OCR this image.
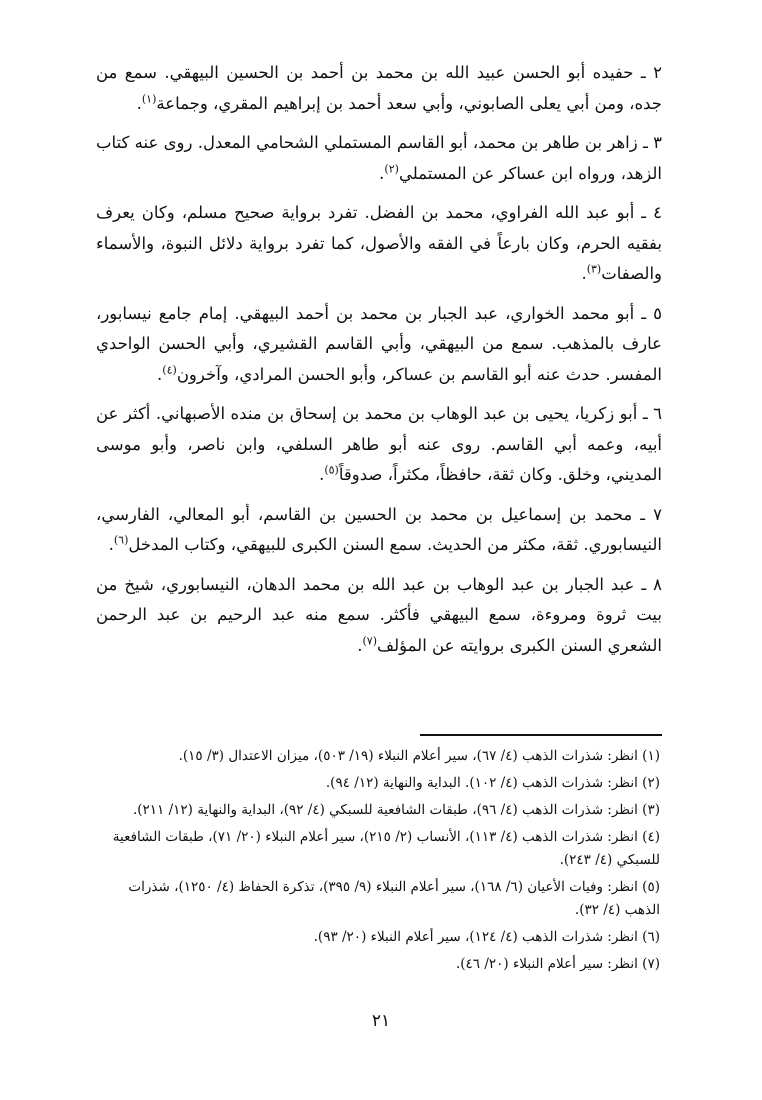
٢ ـ حفيده أبو الحسن عبيد الله بن محمد بن أحمد بن الحسين البيهقي. سمع من جده، ومن أبي يعلى الصابوني، وأبي سعد أحمد بن إبراهيم المقري، وجماعة$^{(١)}$.

٣ ـ زاهر بن طاهر بن محمد، أبو القاسم المستملي الشحامي المعدل. روى عنه كتاب الزهد، ورواه ابن عساكر عن المستملي$^{(٢)}$.

٤ ـ أبو عبد الله الفراوي، محمد بن الفضل. تفرد برواية صحيح مسلم، وكان يعرف بفقيه الحرم، وكان بارعاً في الفقه والأصول، كما تفرد برواية دلائل النبوة، والأسماء والصفات$^{(٣)}$.

٥ ـ أبو محمد الخواري، عبد الجبار بن محمد بن أحمد البيهقي. إمام جامع نيسابور، عارف بالمذهب. سمع من البيهقي، وأبي القاسم القشيري، وأبي الحسن الواحدي المفسر. حدث عنه أبو القاسم بن عساكر، وأبو الحسن المرادي، وآخرون$^{(٤)}$.

٦ ـ أبو زكريا، يحيى بن عبد الوهاب بن محمد بن إسحاق بن منده الأصبهاني. أكثر عن أبيه، وعمه أبي القاسم. روى عنه أبو طاهر السلفي، وابن ناصر، وأبو موسى المديني، وخلق. وكان ثقة، حافظاً، مكثراً، صدوقاً$^{(٥)}$.

٧ ـ محمد بن إسماعيل بن محمد بن الحسين بن القاسم، أبو المعالي، الفارسي، النيسابوري. ثقة، مكثر من الحديث. سمع السنن الكبرى للبيهقي، وكتاب المدخل$^{(٦)}$.

٨ ـ عبد الجبار بن عبد الوهاب بن عبد الله بن محمد الدهان، النيسابوري، شيخ من بيت ثروة ومروءة، سمع البيهقي فأكثر. سمع منه عبد الرحيم بن عبد الرحمن الشعري السنن الكبرى بروايته عن المؤلف$^{(٧)}$.

(١) انظر: شذرات الذهب (٤/ ٦٧)، سير أعلام النبلاء (١٩/ ٥٠٣)، ميزان الاعتدال (٣/ ١٥).

(٢) انظر: شذرات الذهب (٤/ ١٠٢). البداية والنهاية (١٢/ ٩٤).

(٣) انظر: شذرات الذهب (٤/ ٩٦)، طبقات الشافعية للسبكي (٤/ ٩٢)، البداية والنهاية (١٢/ ٢١١).

(٤) انظر: شذرات الذهب (٤/ ١١٣)، الأنساب (٢/ ٢١٥)، سير أعلام النبلاء (٢٠/ ٧١)، طبقات الشافعية للسبكي (٤/ ٢٤٣).

(٥) انظر: وفيات الأعيان (٦/ ١٦٨)، سير أعلام النبلاء (٩/ ٣٩٥)، تذكرة الحفاظ (٤/ ١٢٥٠)، شذرات الذهب (٤/ ٣٢).

(٦) انظر: شذرات الذهب (٤/ ١٢٤)، سير أعلام النبلاء (٢٠/ ٩٣).

(٧) انظر: سير أعلام النبلاء (٢٠/ ٤٦).

٢١
